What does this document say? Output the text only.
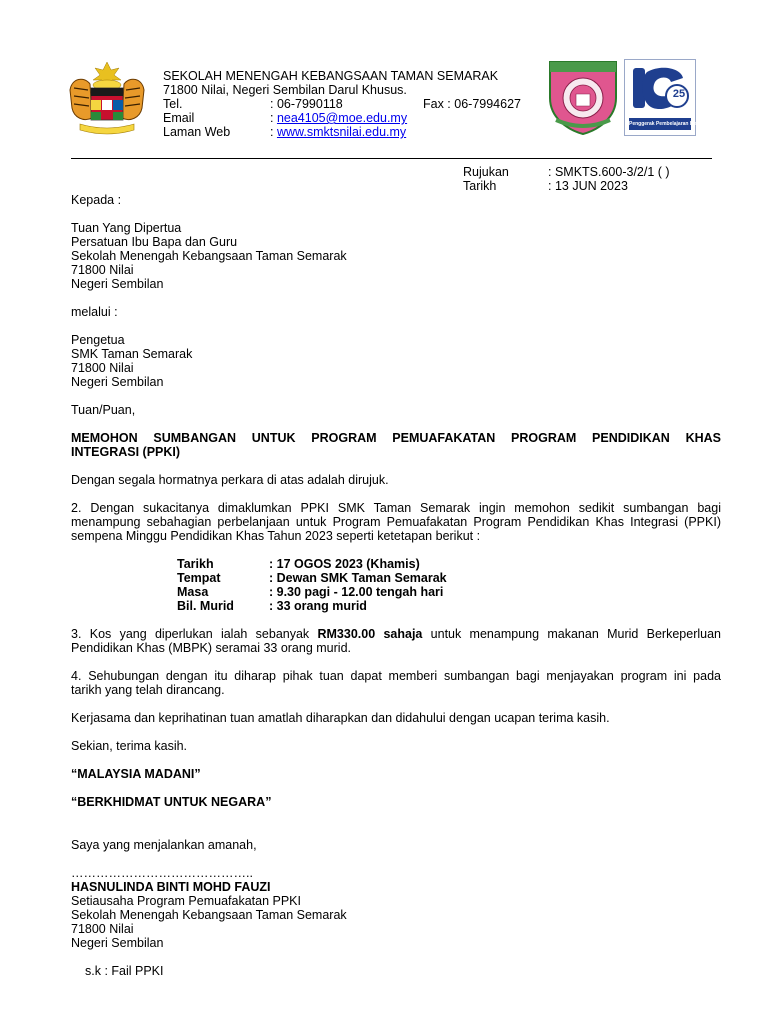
SEKOLAH MENENGAH KEBANGSAAN TAMAN SEMARAK
71800 Nilai, Negeri Sembilan Darul Khusus.
Tel.	: 06-7990118	Fax : 06-7994627
Email	: nea4105@moe.edu.my
Laman Web	: www.smktsnilai.edu.my
25
Penggerak Pembelajaran Bermakna
Rujukan	: SMKTS.600-3/2/1 ( )
Tarikh	: 13 JUN 2023
Kepada :
Tuan Yang Dipertua
Persatuan Ibu Bapa dan Guru
Sekolah Menengah Kebangsaan Taman Semarak
71800 Nilai
Negeri Sembilan
melalui :
Pengetua
SMK Taman Semarak
71800 Nilai
Negeri Sembilan
Tuan/Puan,
MEMOHON SUMBANGAN UNTUK PROGRAM PEMUAFAKATAN PROGRAM PENDIDIKAN KHAS
INTEGRASI (PPKI)
Dengan segala hormatnya perkara di atas adalah dirujuk.
2. Dengan sukacitanya dimaklumkan PPKI SMK Taman Semarak ingin memohon sedikit sumbangan bagi
menampung sebahagian perbelanjaan untuk Program Pemuafakatan Program Pendidikan Khas Integrasi (PPKI)
sempena Minggu Pendidikan Khas Tahun 2023 seperti ketetapan berikut :
Tarikh	: 17 OGOS 2023 (Khamis)
Tempat	: Dewan SMK Taman Semarak
Masa	: 9.30 pagi - 12.00 tengah hari
Bil. Murid	: 33 orang murid
3. Kos yang diperlukan ialah sebanyak RM330.00 sahaja untuk menampung makanan Murid Berkeperluan
Pendidikan Khas (MBPK) seramai 33 orang murid.
4. Sehubungan dengan itu diharap pihak tuan dapat memberi sumbangan bagi menjayakan program ini pada
tarikh yang telah dirancang.
Kerjasama dan keprihatinan tuan amatlah diharapkan dan didahului dengan ucapan terima kasih.
Sekian, terima kasih.
“MALAYSIA MADANI”
“BERKHIDMAT UNTUK NEGARA”
Saya yang menjalankan amanah,
……………………………………..
HASNULINDA BINTI MOHD FAUZI
Setiausaha Program Pemuafakatan PPKI
Sekolah Menengah Kebangsaan Taman Semarak
71800 Nilai
Negeri Sembilan
s.k : Fail PPKI
